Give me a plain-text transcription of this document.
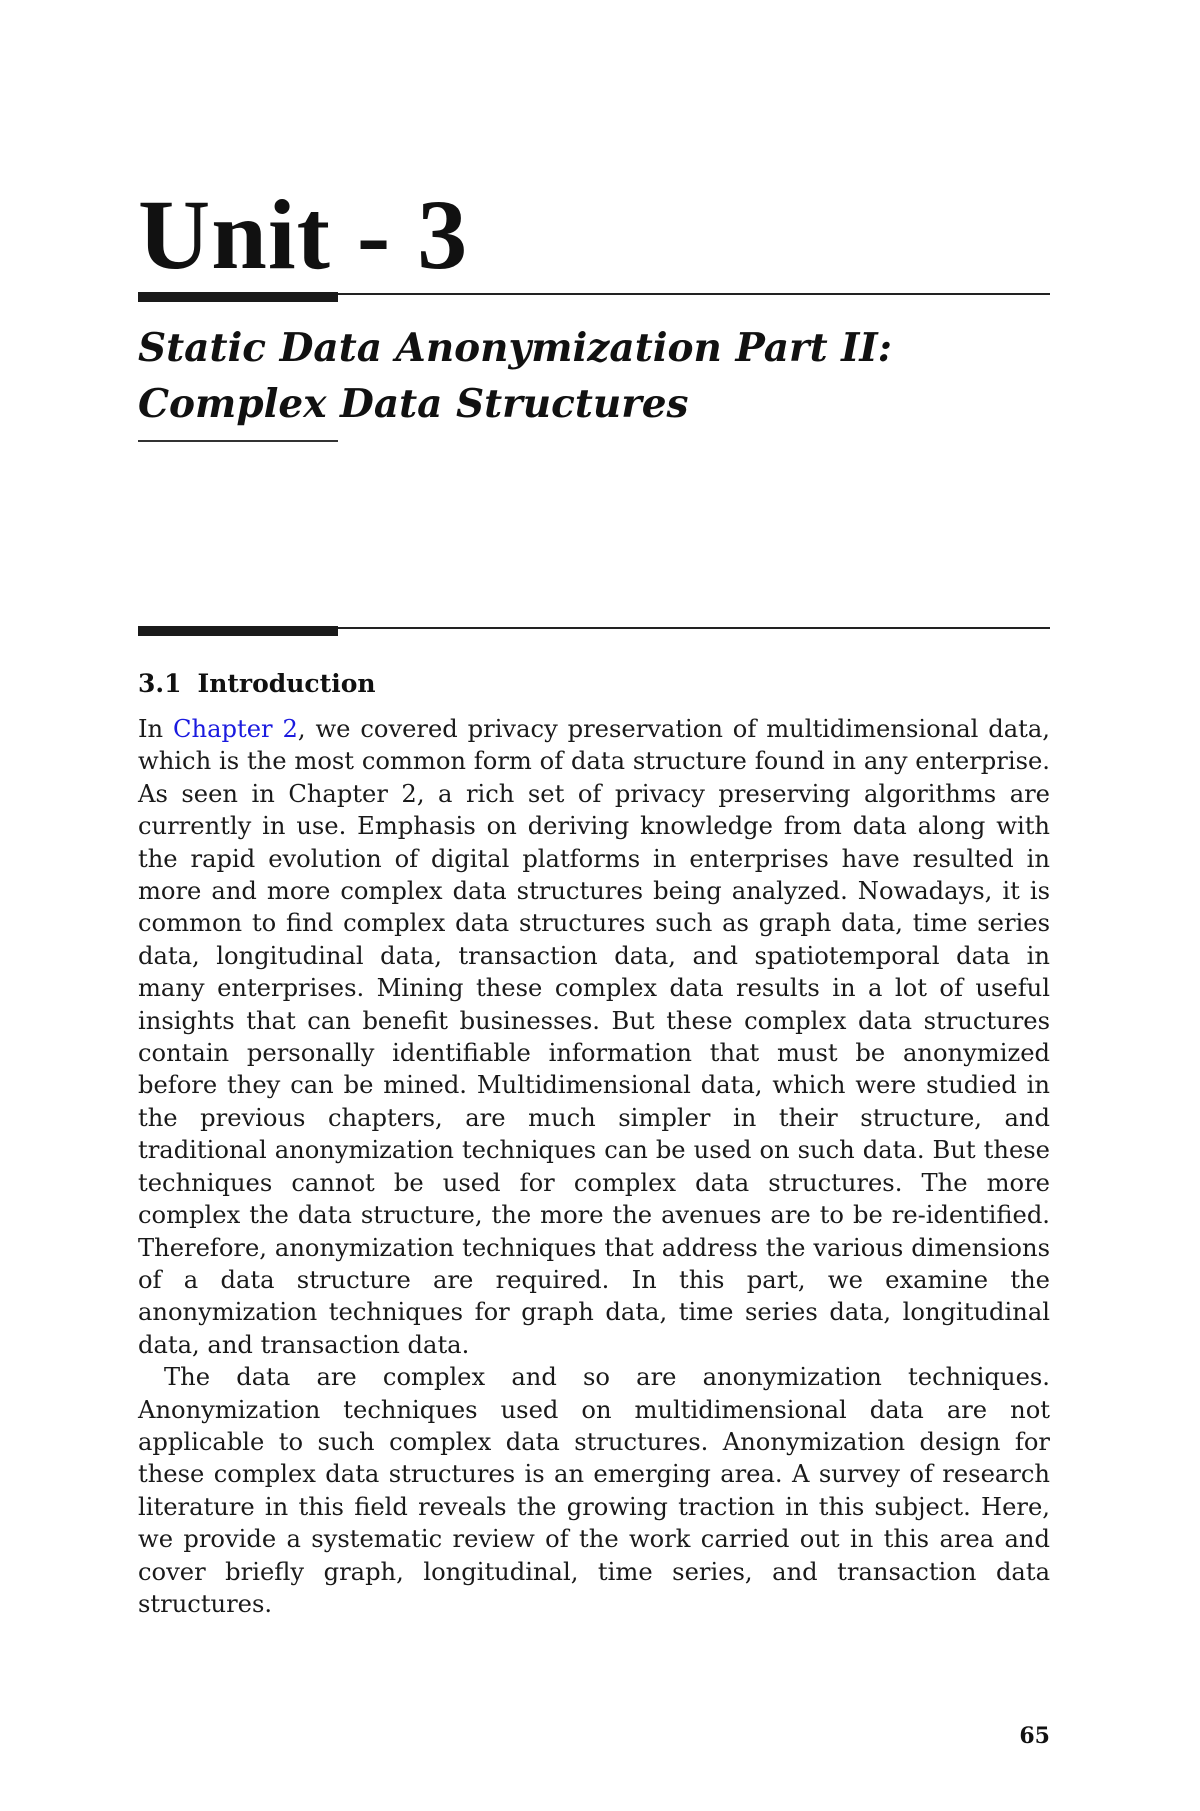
Unit - 3
Static Data Anonymization Part II:
Complex Data Structures
3.1 Introduction

In Chapter 2, we covered privacy preservation of multidimensional data, which is the most common form of data structure found in any enterprise. As seen in Chapter 2, a rich set of privacy preserving algorithms are currently in use. Emphasis on deriving knowledge from data along with the rapid evolution of digital platforms in enterprises have resulted in more and more complex data structures being analyzed. Nowadays, it is common to find complex data structures such as graph data, time series data, longitudinal data, transaction data, and spatiotemporal data in many enterprises. Mining these complex data results in a lot of useful insights that can benefit businesses. But these complex data structures contain personally identifiable information that must be anonymized before they can be mined. Multidimensional data, which were studied in the previous chapters, are much simpler in their structure, and traditional anonymization techniques can be used on such data. But these techniques cannot be used for complex data structures. The more complex the data structure, the more the avenues are to be re-identified. Therefore, anonymization techniques that address the various dimensions of a data structure are required. In this part, we examine the anonymization techniques for graph data, time series data, longitudinal data, and transaction data.

The data are complex and so are anonymization techniques. Anonymization techniques used on multidimensional data are not applicable to such complex data structures. Anonymization design for these complex data structures is an emerging area. A survey of research literature in this field reveals the growing traction in this subject. Here, we provide a systematic review of the work carried out in this area and cover briefly graph, longitudinal, time series, and transaction data structures.

65
